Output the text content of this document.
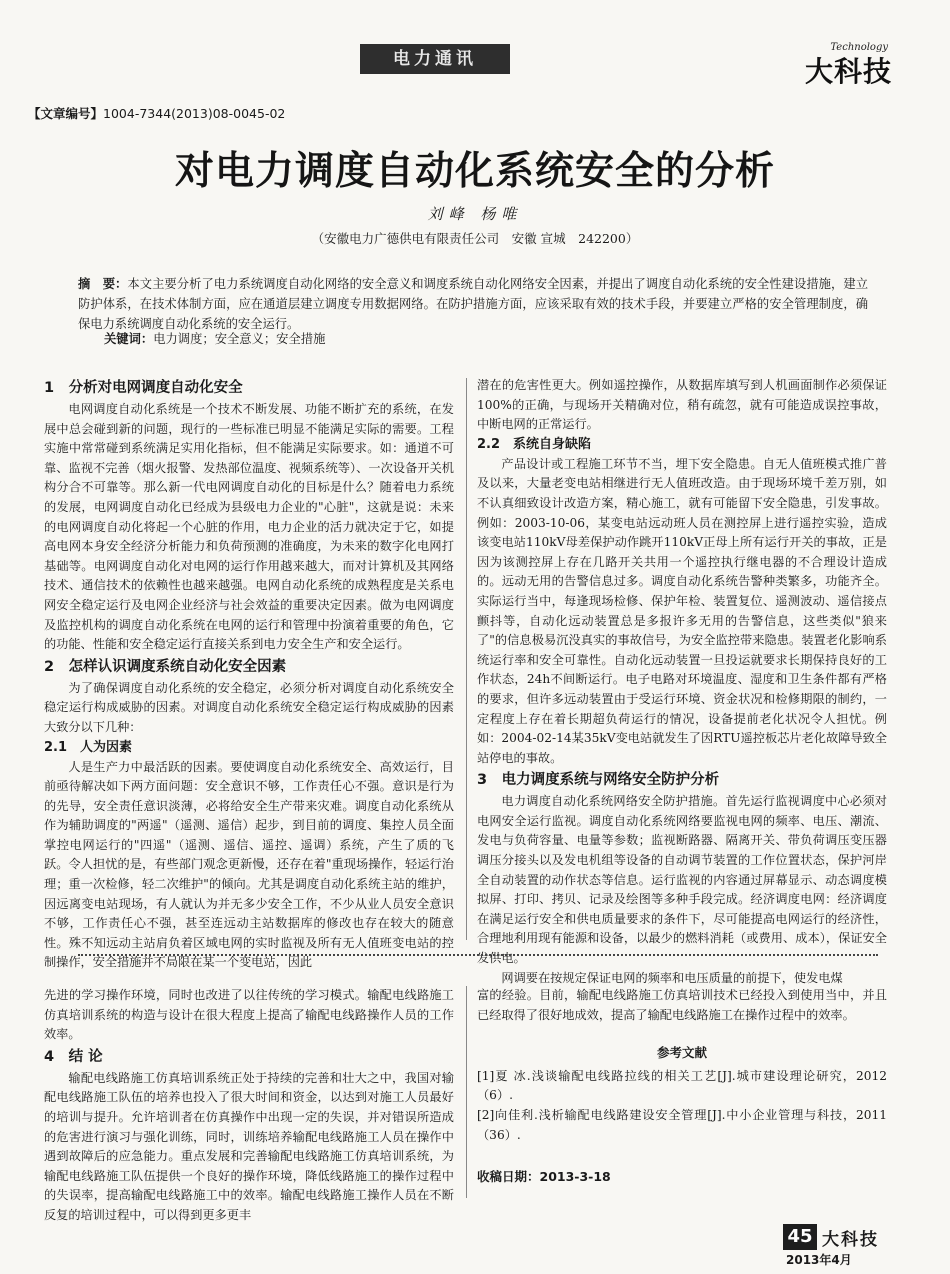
电力通讯
Technology
大科技
【文章编号】1004-7344(2013)08-0045-02
对电力调度自动化系统安全的分析
刘峰 杨唯
（安徽电力广德供电有限责任公司　安徽 宣城　242200）
摘　要：本文主要分析了电力系统调度自动化网络的安全意义和调度系统自动化网络安全因素，并提出了调度自动化系统的安全性建设措施，建立防护体系，在技术体制方面，应在通道层建立调度专用数据网络。在防护措施方面，应该采取有效的技术手段，并要建立严格的安全管理制度，确保电力系统调度自动化系统的安全运行。
关键词：电力调度；安全意义；安全措施
1　分析对电网调度自动化安全

电网调度自动化系统是一个技术不断发展、功能不断扩充的系统，在发展中总会碰到新的问题，现行的一些标准已明显不能满足实际的需要。工程实施中常常碰到系统满足实用化指标，但不能满足实际要求。如：通道不可靠、监视不完善（烟火报警、发热部位温度、视频系统等）、一次设备开关机构分合不可靠等。那么新一代电网调度自动化的目标是什么？随着电力系统的发展，电网调度自动化已经成为县级电力企业的"心脏"，这就是说：未来的电网调度自动化将起一个心脏的作用，电力企业的活力就决定于它，如提高电网本身安全经济分析能力和负荷预测的准确度，为未来的数字化电网打基础等。电网调度自动化对电网的运行作用越来越大，而对计算机及其网络技术、通信技术的依赖性也越来越强。电网自动化系统的成熟程度是关系电网安全稳定运行及电网企业经济与社会效益的重要决定因素。做为电网调度及监控机构的调度自动化系统在电网的运行和管理中扮演着重要的角色，它的功能、性能和安全稳定运行直接关系到电力安全生产和安全运行。

2　怎样认识调度系统自动化安全因素

为了确保调度自动化系统的安全稳定，必须分析对调度自动化系统安全稳定运行构成威胁的因素。对调度自动化系统安全稳定运行构成威胁的因素大致分以下几种：

2.1　人为因素

人是生产力中最活跃的因素。要使调度自动化系统安全、高效运行，目前亟待解决如下两方面问题：安全意识不够，工作责任心不强。意识是行为的先导，安全责任意识淡薄，必将给安全生产带来灾难。调度自动化系统从作为辅助调度的"两遥"（遥测、遥信）起步，到目前的调度、集控人员全面掌控电网运行的"四遥"（遥测、遥信、遥控、遥调）系统，产生了质的飞跃。令人担忧的是，有些部门观念更新慢，还存在着"重现场操作，轻运行治理；重一次检修，轻二次维护"的倾向。尤其是调度自动化系统主站的维护，因远离变电站现场，有人就认为并无多少安全工作，不少从业人员安全意识不够，工作责任心不强，甚至连远动主站数据库的修改也存在较大的随意性。殊不知远动主站肩负着区域电网的实时监视及所有无人值班变电站的控制操作，安全措施并不局限在某一个变电站，因此

潜在的危害性更大。例如遥控操作，从数据库填写到人机画面制作必须保证100%的正确，与现场开关精确对位，稍有疏忽，就有可能造成误控事故，中断电网的正常运行。

2.2　系统自身缺陷

产品设计或工程施工环节不当，埋下安全隐患。自无人值班模式推广普及以来，大量老变电站相继进行无人值班改造。由于现场环境千差万别，如不认真细致设计改造方案，精心施工，就有可能留下安全隐患，引发事故。例如：2003-10-06，某变电站远动班人员在测控屏上进行遥控实验，造成该变电站110kV母差保护动作跳开110kV正母上所有运行开关的事故，正是因为该测控屏上存在几路开关共用一个遥控执行继电器的不合理设计造成的。远动无用的告警信息过多。调度自动化系统告警种类繁多，功能齐全。实际运行当中，每逢现场检修、保护年检、装置复位、遥测波动、遥信接点颤抖等，自动化远动装置总是多报许多无用的告警信息，这些类似"狼来了"的信息极易沉没真实的事故信号，为安全监控带来隐患。装置老化影响系统运行率和安全可靠性。自动化远动装置一旦投运就要求长期保持良好的工作状态，24h不间断运行。电子电路对环境温度、湿度和卫生条件都有严格的要求，但许多远动装置由于受运行环境、资金状况和检修期限的制约，一定程度上存在着长期超负荷运行的情况，设备提前老化状况令人担忧。例如：2004-02-14某35kV变电站就发生了因RTU遥控板芯片老化故障导致全站停电的事故。

3　电力调度系统与网络安全防护分析

电力调度自动化系统网络安全防护措施。首先运行监视调度中心必须对电网安全运行监视。调度自动化系统网络要监视电网的频率、电压、潮流、发电与负荷容量、电量等参数；监视断路器、隔离开关、带负荷调压变压器调压分接头以及发电机组等设备的自动调节装置的工作位置状态，保护河岸全自动装置的动作状态等信息。运行监视的内容通过屏幕显示、动态调度模拟屏、打印、拷贝、记录及绘图等多种手段完成。经济调度电网：经济调度在满足运行安全和供电质量要求的条件下，尽可能提高电网运行的经济性，合理地利用现有能源和设备，以最少的燃料消耗（或费用、成本），保证安全发供电。

网调要在按规定保证电网的频率和电压质量的前提下，使发电煤

先进的学习操作环境，同时也改进了以往传统的学习模式。输配电线路施工仿真培训系统的构造与设计在很大程度上提高了输配电线路操作人员的工作效率。

4　结 论

输配电线路施工仿真培训系统正处于持续的完善和壮大之中，我国对输配电线路施工队伍的培养也投入了很大时间和资金，以达到对施工人员最好的培训与提升。允许培训者在仿真操作中出现一定的失误，并对错误所造成的危害进行演习与强化训练，同时，训练培养输配电线路施工人员在操作中遇到故障后的应急能力。重点发展和完善输配电线路施工仿真培训系统，为输配电线路施工队伍提供一个良好的操作环境，降低线路施工的操作过程中的失误率，提高输配电线路施工中的效率。输配电线路施工操作人员在不断反复的培训过程中，可以得到更多更丰

富的经验。目前，输配电线路施工仿真培训技术已经投入到使用当中，并且已经取得了很好地成效，提高了输配电线路施工在操作过程中的效率。

参考文献
[1]夏 冰.浅谈输配电线路拉线的相关工艺[J].城市建设理论研究，2012（6）.
[2]向佳利.浅析输配电线路建设安全管理[J].中小企业管理与科技，2011（36）.
收稿日期：2013-3-18
45 大科技
2013年4月
